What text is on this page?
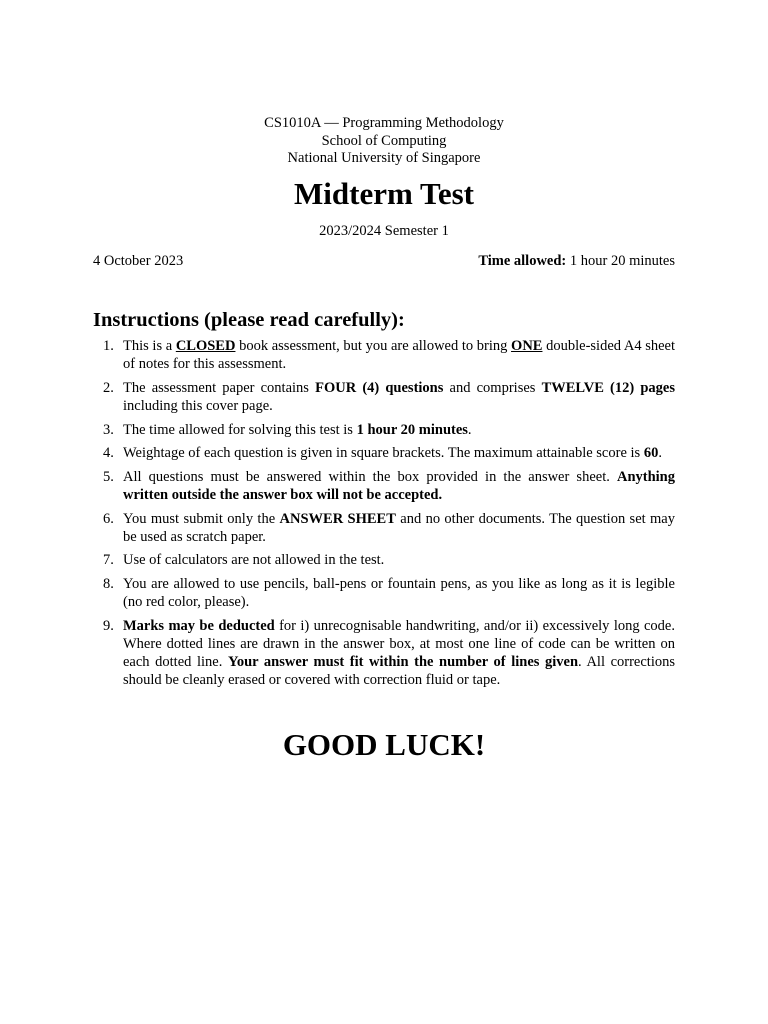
CS1010A — Programming Methodology
School of Computing
National University of Singapore
Midterm Test
2023/2024 Semester 1
4 October 2023	Time allowed: 1 hour 20 minutes
Instructions (please read carefully):
1. This is a CLOSED book assessment, but you are allowed to bring ONE double-sided A4 sheet of notes for this assessment.
2. The assessment paper contains FOUR (4) questions and comprises TWELVE (12) pages including this cover page.
3. The time allowed for solving this test is 1 hour 20 minutes.
4. Weightage of each question is given in square brackets. The maximum attainable score is 60.
5. All questions must be answered within the box provided in the answer sheet. Anything written outside the answer box will not be accepted.
6. You must submit only the ANSWER SHEET and no other documents. The question set may be used as scratch paper.
7. Use of calculators are not allowed in the test.
8. You are allowed to use pencils, ball-pens or fountain pens, as you like as long as it is legible (no red color, please).
9. Marks may be deducted for i) unrecognisable handwriting, and/or ii) excessively long code. Where dotted lines are drawn in the answer box, at most one line of code can be written on each dotted line. Your answer must fit within the number of lines given. All corrections should be cleanly erased or covered with correction fluid or tape.
GOOD LUCK!
